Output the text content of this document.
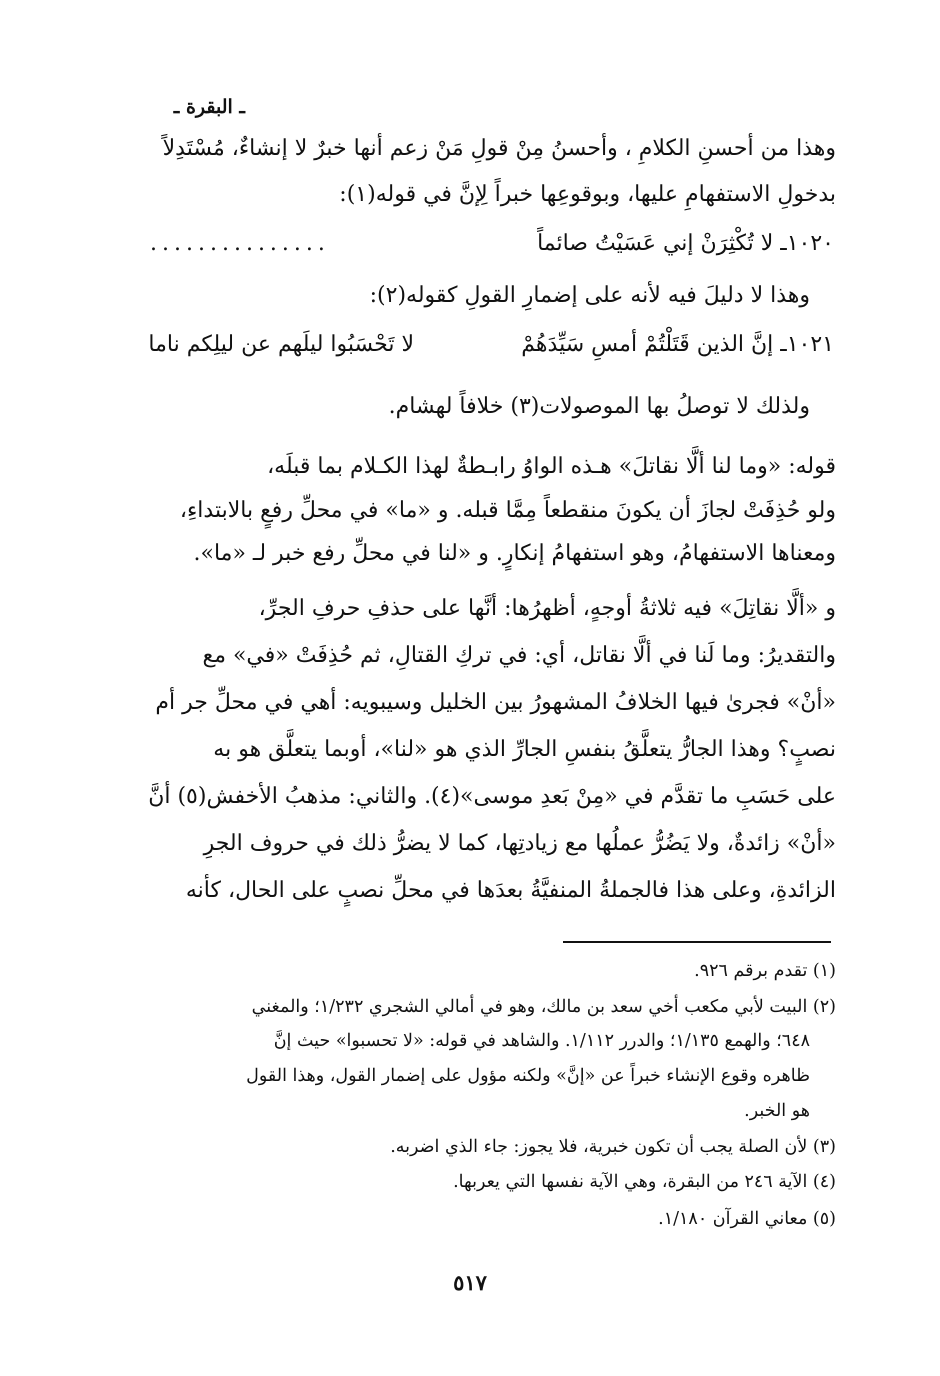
ـ البقرة ـ
وهذا من أحسنِ الكلامِ ، وأحسنُ مِنْ قولِ مَنْ زعم أنها خبرٌ لا إنشاءٌ، مُسْتَدِلاً
بدخولِ الاستفهامِ عليها، وبوقوعِها خبراً لِإنَّ في قوله(١):
١٠٢٠ـ لا تُكْثِرَنْ إني عَسَيْتُ صائماً
...............
وهذا لا دليلَ فيه لأنه على إضمارِ القولِ كقوله(٢):
١٠٢١ـ إنَّ الذين قَتَلْتُمْ أمسِ سَيِّدَهُمْ
لا تَحْسَبُوا ليلَهم عن ليلِكم ناما
ولذلك لا توصلُ بها الموصولات(٣) خلافاً لهشام.
قوله: «وما لنا ألَّا نقاتلَ» هـذه الواوُ رابـطةٌ لهذا الكـلام بما قبلَه،
ولو حُذِفَتْ لجازَ أن يكونَ منقطعاً مِمَّا قبله. و «ما» في محلِّ رفعٍ بالابتداءِ،
ومعناها الاستفهامُ، وهو استفهامُ إنكارٍ. و «لنا في محلِّ رفع خبر لـ «ما».
و «ألَّا نقاتِلَ» فيه ثلاثةُ أوجهٍ، أظهرُها: أنَّها على حذفِ حرفِ الجرِّ،
والتقديرُ: وما لَنا في ألَّا نقاتل، أي: في تركِ القتالِ، ثم حُذِفَتْ «في» مع
«أنْ» فجرىٰ فيها الخلافُ المشهورُ بين الخليل وسيبويه: أهي في محلِّ جر أم
نصبٍ؟ وهذا الجارُّ يتعلَّقُ بنفسِ الجارِّ الذي هو «لنا»، أوبما يتعلَّق هو به
على حَسَبِ ما تقدَّم في «مِنْ بَعدِ موسى»(٤). والثاني: مذهبُ الأخفش(٥) أنَّ
«أنْ» زائدةٌ، ولا يَضُرُّ عملُها مع زيادتِها، كما لا يضرُّ ذلك في حروف الجرِ
الزائدةِ، وعلى هذا فالجملةُ المنفيَّةُ بعدَها في محلِّ نصبٍ على الحال، كأنه
(١) تقدم برقم ٩٢٦.
(٢) البيت لأبي مكعب أخي سعد بن مالك، وهو في أمالي الشجري ١/٢٣٢؛ والمغني
٦٤٨؛ والهمع ١/١٣٥؛ والدرر ١/١١٢. والشاهد في قوله: «لا تحسبوا» حيث إنَّ
ظاهره وقوع الإنشاء خبراً عن «إنَّ» ولكنه مؤول على إضمار القول، وهذا القول
هو الخبر.
(٣) لأن الصلة يجب أن تكون خبرية، فلا يجوز: جاء الذي اضربه.
(٤) الآية ٢٤٦ من البقرة، وهي الآية نفسها التي يعربها.
(٥) معاني القرآن ١/١٨٠.
٥١٧
